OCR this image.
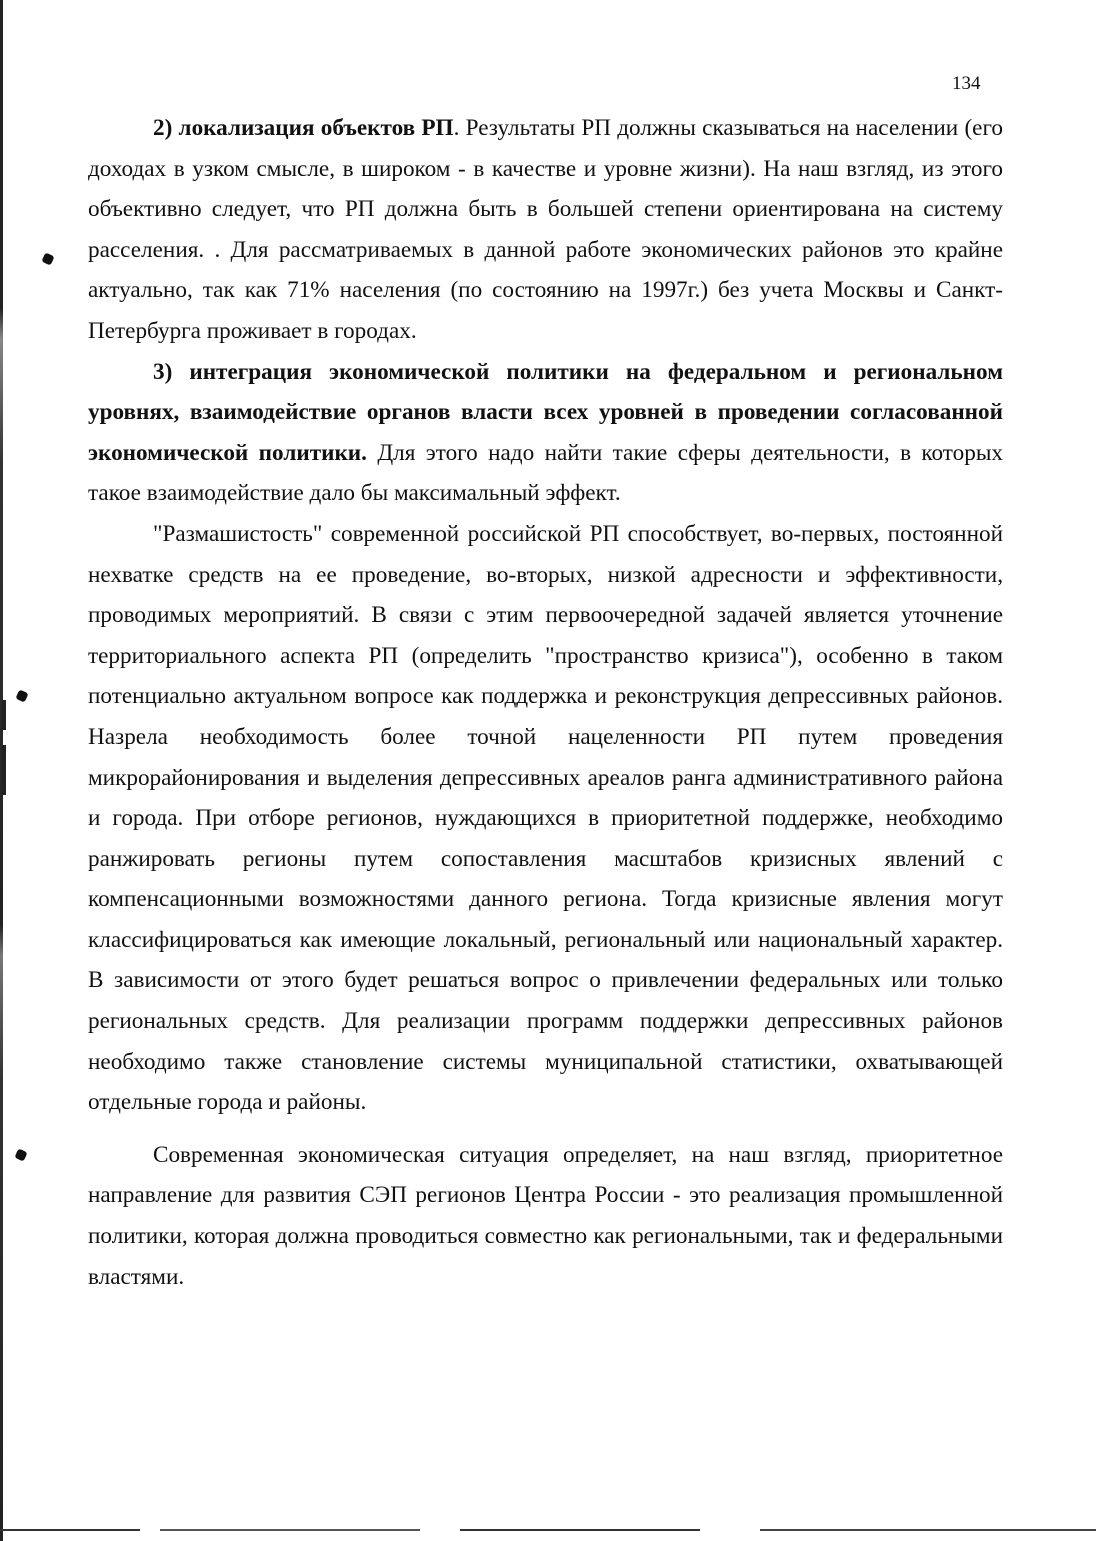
134

2) локализация объектов РП. Результаты РП должны сказываться на населении (его доходах в узком смысле, в широком - в качестве и уровне жизни). На наш взгляд, из этого объективно следует, что РП должна быть в большей степени ориентирована на систему расселения. . Для рассматриваемых в данной работе экономических районов это крайне актуально, так как 71% населения (по состоянию на 1997г.) без учета Москвы и Санкт-Петербурга проживает в городах.

3) интеграция экономической политики на федеральном и региональном уровнях, взаимодействие органов власти всех уровней в проведении согласованной экономической политики. Для этого надо найти такие сферы деятельности, в которых такое взаимодействие дало бы максимальный эффект.

"Размашистость" современной российской РП способствует, во-первых, постоянной нехватке средств на ее проведение, во-вторых, низкой адресности и эффективности, проводимых мероприятий. В связи с этим первоочередной задачей является уточнение территориального аспекта РП (определить "пространство кризиса"), особенно в таком потенциально актуальном вопросе как поддержка и реконструкция депрессивных районов. Назрела необходимость более точной нацеленности РП путем проведения микрорайонирования и выделения депрессивных ареалов ранга административного района и города. При отборе регионов, нуждающихся в приоритетной поддержке, необходимо ранжировать регионы путем сопоставления масштабов кризисных явлений с компенсационными возможностями данного региона. Тогда кризисные явления могут классифицироваться как имеющие локальный, региональный или национальный характер. В зависимости от этого будет решаться вопрос о привлечении федеральных или только региональных средств. Для реализации программ поддержки депрессивных районов необходимо также становление системы муниципальной статистики, охватывающей отдельные города и районы.

Современная экономическая ситуация определяет, на наш взгляд, приоритетное направление для развития СЭП регионов Центра России - это реализация промышленной политики, которая должна проводиться совместно как региональными, так и федеральными властями.
